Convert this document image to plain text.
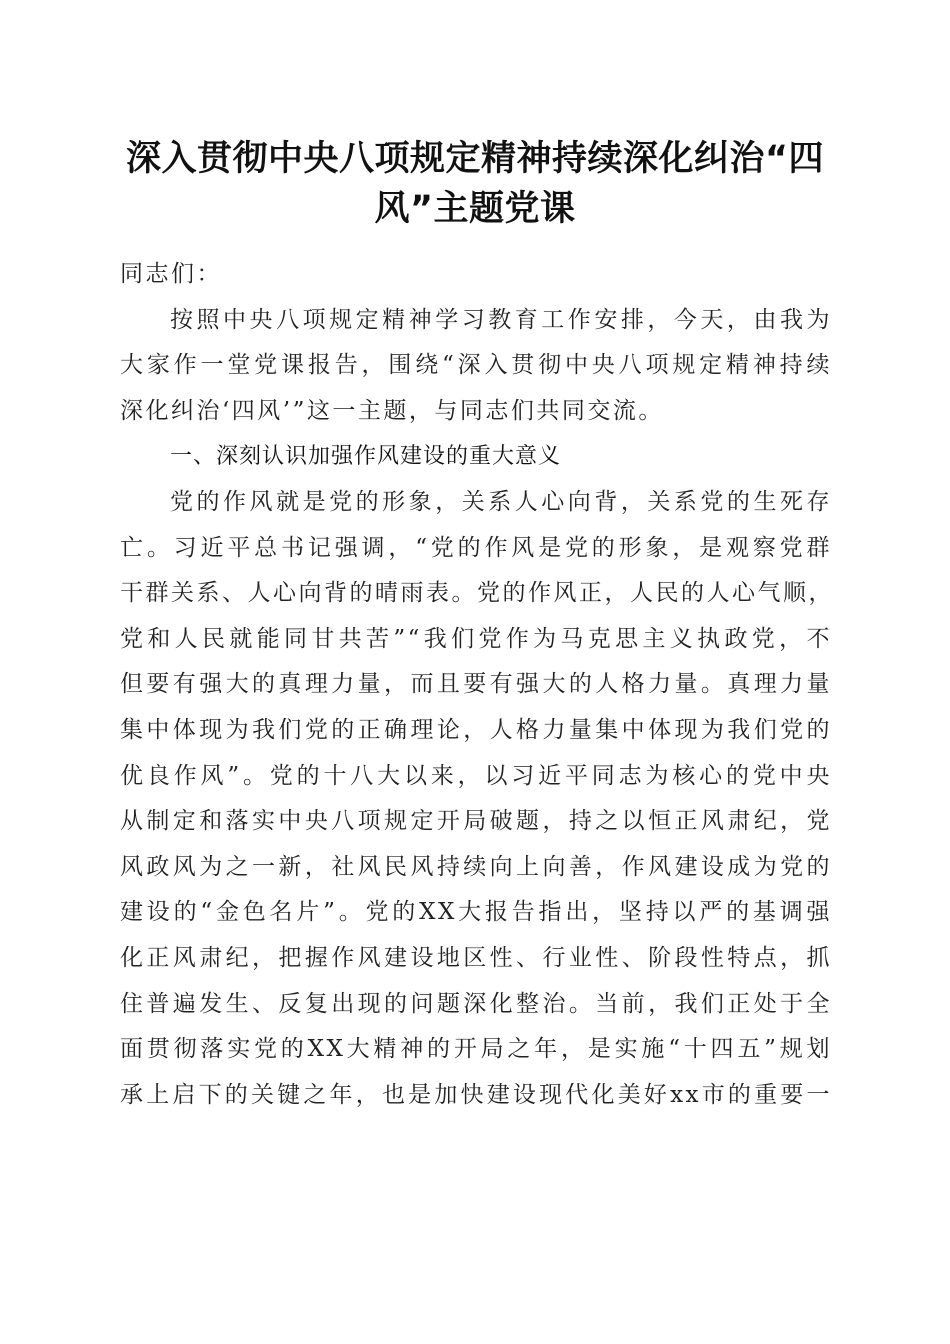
深入贯彻中央八项规定精神持续深化纠治“四
风”主题党课
同志们：
按照中央八项规定精神学习教育工作安排，今天，由我为
大家作一堂党课报告，围绕“深入贯彻中央八项规定精神持续
深化纠治‘四风’”这一主题，与同志们共同交流。
一、深刻认识加强作风建设的重大意义
党的作风就是党的形象，关系人心向背，关系党的生死存
亡。习近平总书记强调，“党的作风是党的形象，是观察党群
干群关系、人心向背的晴雨表。党的作风正，人民的人心气顺，
党和人民就能同甘共苦”“我们党作为马克思主义执政党，不
但要有强大的真理力量，而且要有强大的人格力量。真理力量
集中体现为我们党的正确理论，人格力量集中体现为我们党的
优良作风”。党的十八大以来，以习近平同志为核心的党中央
从制定和落实中央八项规定开局破题，持之以恒正风肃纪，党
风政风为之一新，社风民风持续向上向善，作风建设成为党的
建设的“金色名片”。党的XX大报告指出，坚持以严的基调强
化正风肃纪，把握作风建设地区性、行业性、阶段性特点，抓
住普遍发生、反复出现的问题深化整治。当前，我们正处于全
面贯彻落实党的XX大精神的开局之年，是实施“十四五”规划
承上启下的关键之年，也是加快建设现代化美好xx市的重要一
